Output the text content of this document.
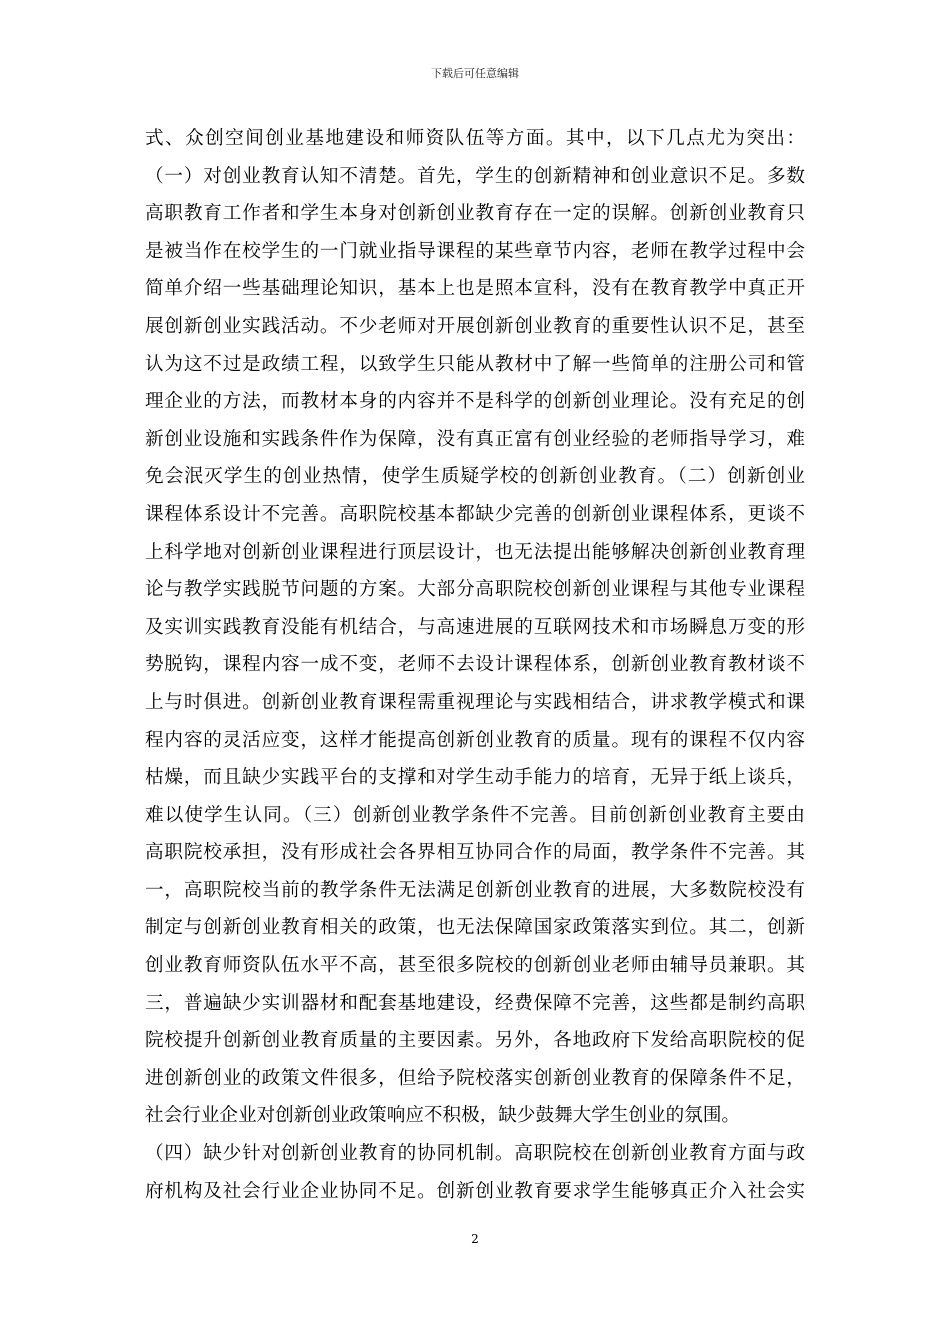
下载后可任意编辑
式、众创空间创业基地建设和师资队伍等方面。其中，以下几点尤为突出：
（一）对创业教育认知不清楚。首先，学生的创新精神和创业意识不足。多数
高职教育工作者和学生本身对创新创业教育存在一定的误解。创新创业教育只
是被当作在校学生的一门就业指导课程的某些章节内容，老师在教学过程中会
简单介绍一些基础理论知识，基本上也是照本宣科，没有在教育教学中真正开
展创新创业实践活动。不少老师对开展创新创业教育的重要性认识不足，甚至
认为这不过是政绩工程，以致学生只能从教材中了解一些简单的注册公司和管
理企业的方法，而教材本身的内容并不是科学的创新创业理论。没有充足的创
新创业设施和实践条件作为保障，没有真正富有创业经验的老师指导学习，难
免会泯灭学生的创业热情，使学生质疑学校的创新创业教育。（二）创新创业
课程体系设计不完善。高职院校基本都缺少完善的创新创业课程体系，更谈不
上科学地对创新创业课程进行顶层设计，也无法提出能够解决创新创业教育理
论与教学实践脱节问题的方案。大部分高职院校创新创业课程与其他专业课程
及实训实践教育没能有机结合，与高速进展的互联网技术和市场瞬息万变的形
势脱钩，课程内容一成不变，老师不去设计课程体系，创新创业教育教材谈不
上与时俱进。创新创业教育课程需重视理论与实践相结合，讲求教学模式和课
程内容的灵活应变，这样才能提高创新创业教育的质量。现有的课程不仅内容
枯燥，而且缺少实践平台的支撑和对学生动手能力的培育，无异于纸上谈兵，
难以使学生认同。（三）创新创业教学条件不完善。目前创新创业教育主要由
高职院校承担，没有形成社会各界相互协同合作的局面，教学条件不完善。其
一，高职院校当前的教学条件无法满足创新创业教育的进展，大多数院校没有
制定与创新创业教育相关的政策，也无法保障国家政策落实到位。其二，创新
创业教育师资队伍水平不高，甚至很多院校的创新创业老师由辅导员兼职。其
三，普遍缺少实训器材和配套基地建设，经费保障不完善，这些都是制约高职
院校提升创新创业教育质量的主要因素。另外，各地政府下发给高职院校的促
进创新创业的政策文件很多，但给予院校落实创新创业教育的保障条件不足，
社会行业企业对创新创业政策响应不积极，缺少鼓舞大学生创业的氛围。
（四）缺少针对创新创业教育的协同机制。高职院校在创新创业教育方面与政
府机构及社会行业企业协同不足。创新创业教育要求学生能够真正介入社会实
2
